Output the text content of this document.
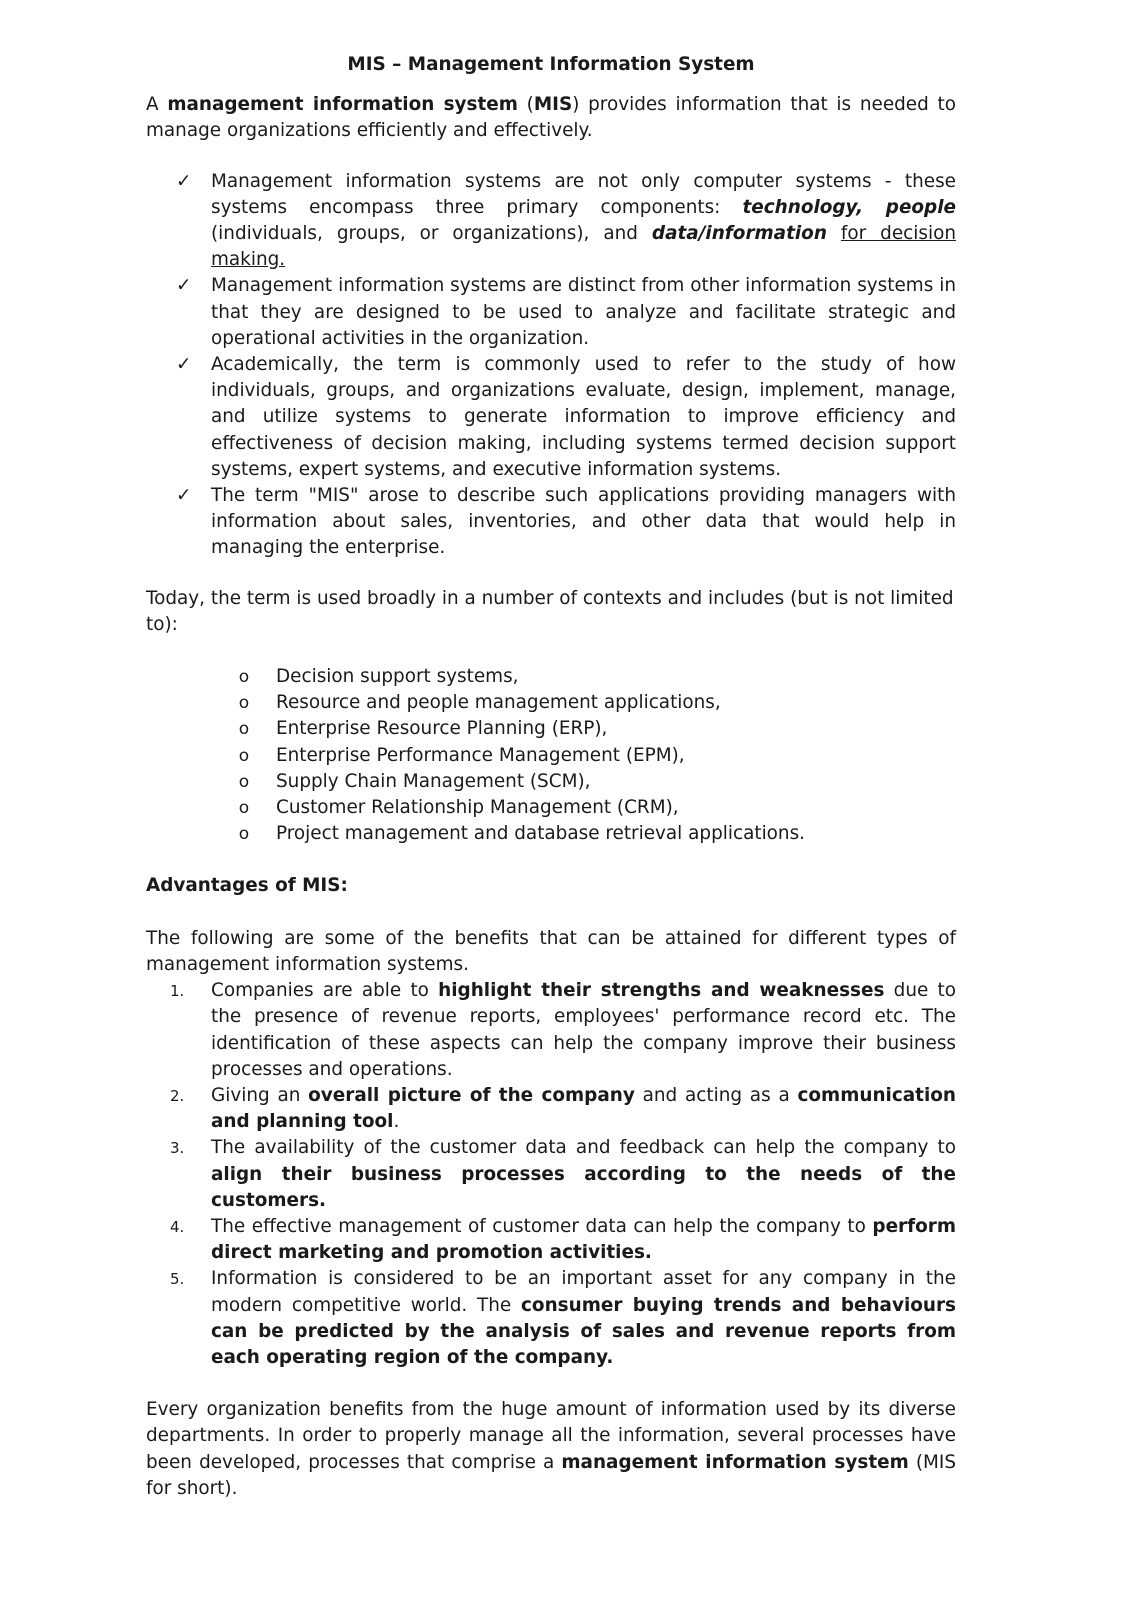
MIS – Management Information System

A management information system (MIS) provides information that is needed to manage organizations efficiently and effectively.

✓	Management information systems are not only computer systems - these systems encompass three primary components: technology, people (individuals, groups, or organizations), and data/information for decision making.
✓	Management information systems are distinct from other information systems in that they are designed to be used to analyze and facilitate strategic and operational activities in the organization.
✓	Academically, the term is commonly used to refer to the study of how individuals, groups, and organizations evaluate, design, implement, manage, and utilize systems to generate information to improve efficiency and effectiveness of decision making, including systems termed decision support systems, expert systems, and executive information systems.
✓	The term "MIS" arose to describe such applications providing managers with information about sales, inventories, and other data that would help in managing the enterprise.

Today, the term is used broadly in a number of contexts and includes (but is not limited to):

o Decision support systems,
o Resource and people management applications,
o Enterprise Resource Planning (ERP),
o Enterprise Performance Management (EPM),
o Supply Chain Management (SCM),
o Customer Relationship Management (CRM),
o Project management and database retrieval applications.

Advantages of MIS:

The following are some of the benefits that can be attained for different types of management information systems.

1.	Companies are able to highlight their strengths and weaknesses due to the presence of revenue reports, employees' performance record etc. The identification of these aspects can help the company improve their business processes and operations.
2.	Giving an overall picture of the company and acting as a communication and planning tool.
3.	The availability of the customer data and feedback can help the company to align their business processes according to the needs of the customers.
4.	The effective management of customer data can help the company to perform direct marketing and promotion activities.
5.	Information is considered to be an important asset for any company in the modern competitive world. The consumer buying trends and behaviours can be predicted by the analysis of sales and revenue reports from each operating region of the company.

Every organization benefits from the huge amount of information used by its diverse departments. In order to properly manage all the information, several processes have been developed, processes that comprise a management information system (MIS for short).
